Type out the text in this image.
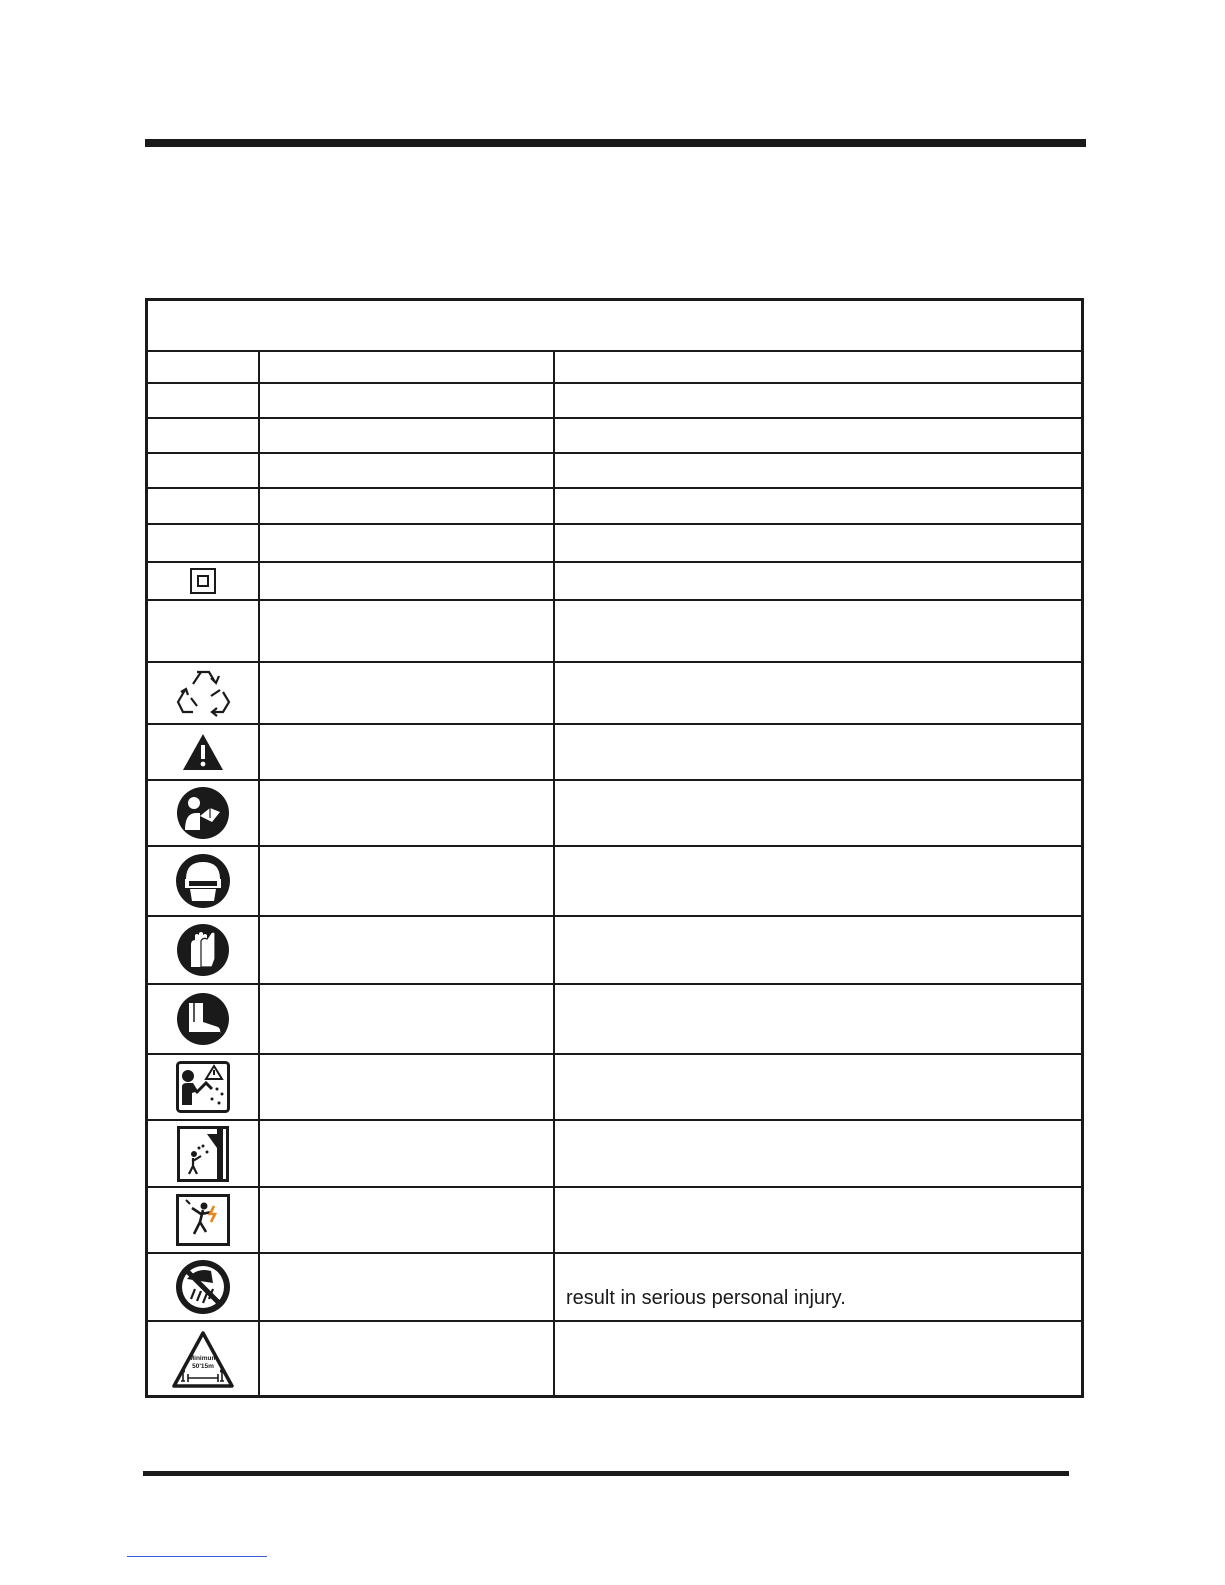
result in serious personal injury.
Minimum
50'15m
